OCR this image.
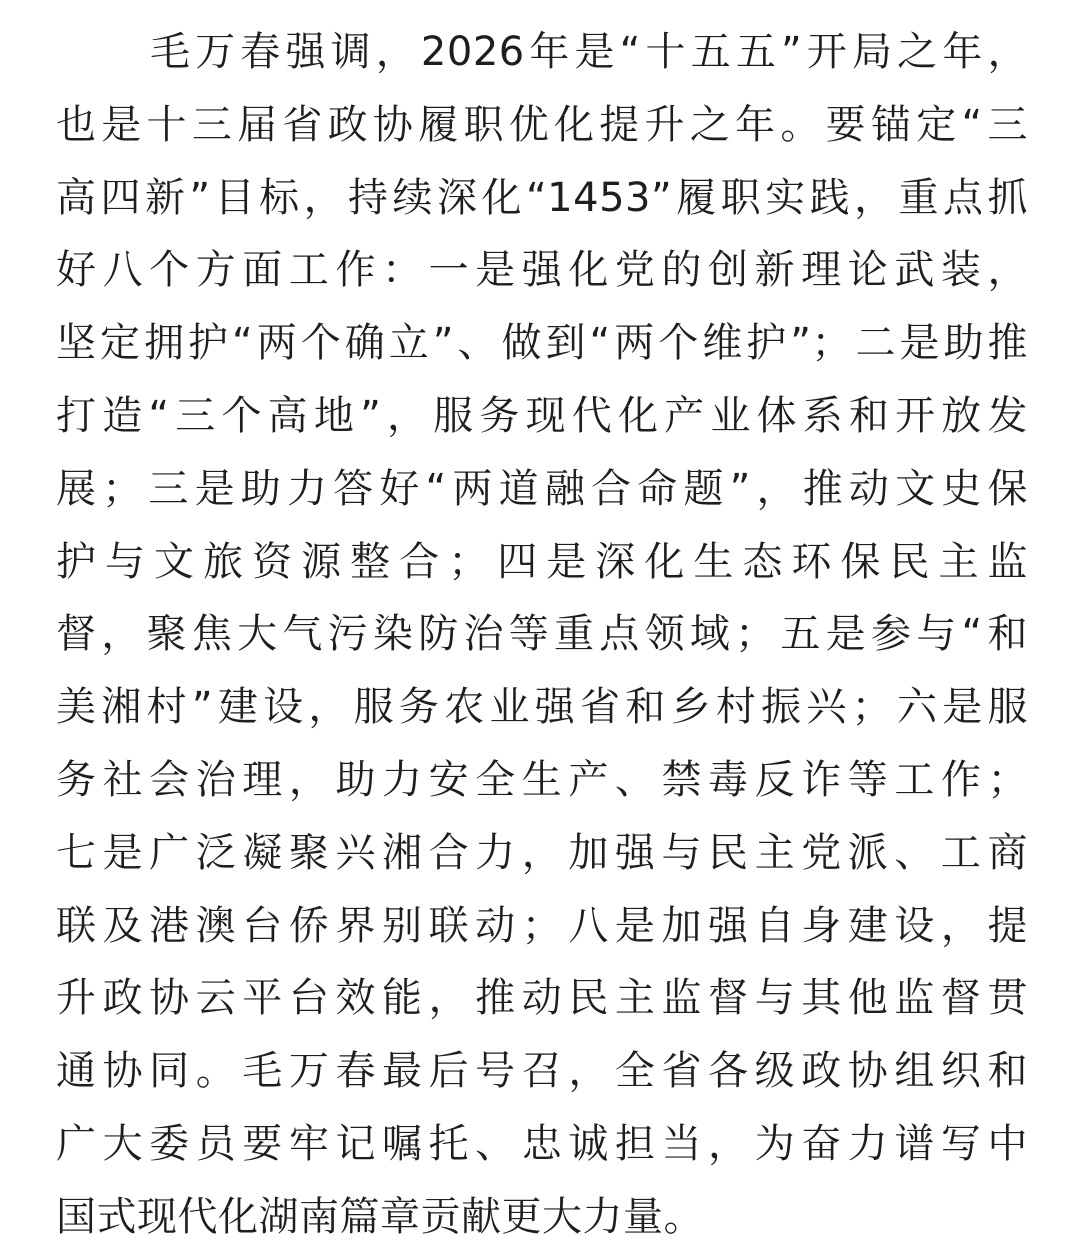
毛万春强调，2026年是“十五五”开局之年，
也是十三届省政协履职优化提升之年。要锚定“三
高四新”目标，持续深化“1453”履职实践，重点抓
好八个方面工作：一是强化党的创新理论武装，
坚定拥护“两个确立”、做到“两个维护”；二是助推
打造“三个高地”，服务现代化产业体系和开放发
展；三是助力答好“两道融合命题”，推动文史保
护与文旅资源整合；四是深化生态环保民主监
督，聚焦大气污染防治等重点领域；五是参与“和
美湘村”建设，服务农业强省和乡村振兴；六是服
务社会治理，助力安全生产、禁毒反诈等工作；
七是广泛凝聚兴湘合力，加强与民主党派、工商
联及港澳台侨界别联动；八是加强自身建设，提
升政协云平台效能，推动民主监督与其他监督贯
通协同。毛万春最后号召，全省各级政协组织和
广大委员要牢记嘱托、忠诚担当，为奋力谱写中
国式现代化湖南篇章贡献更大力量。
